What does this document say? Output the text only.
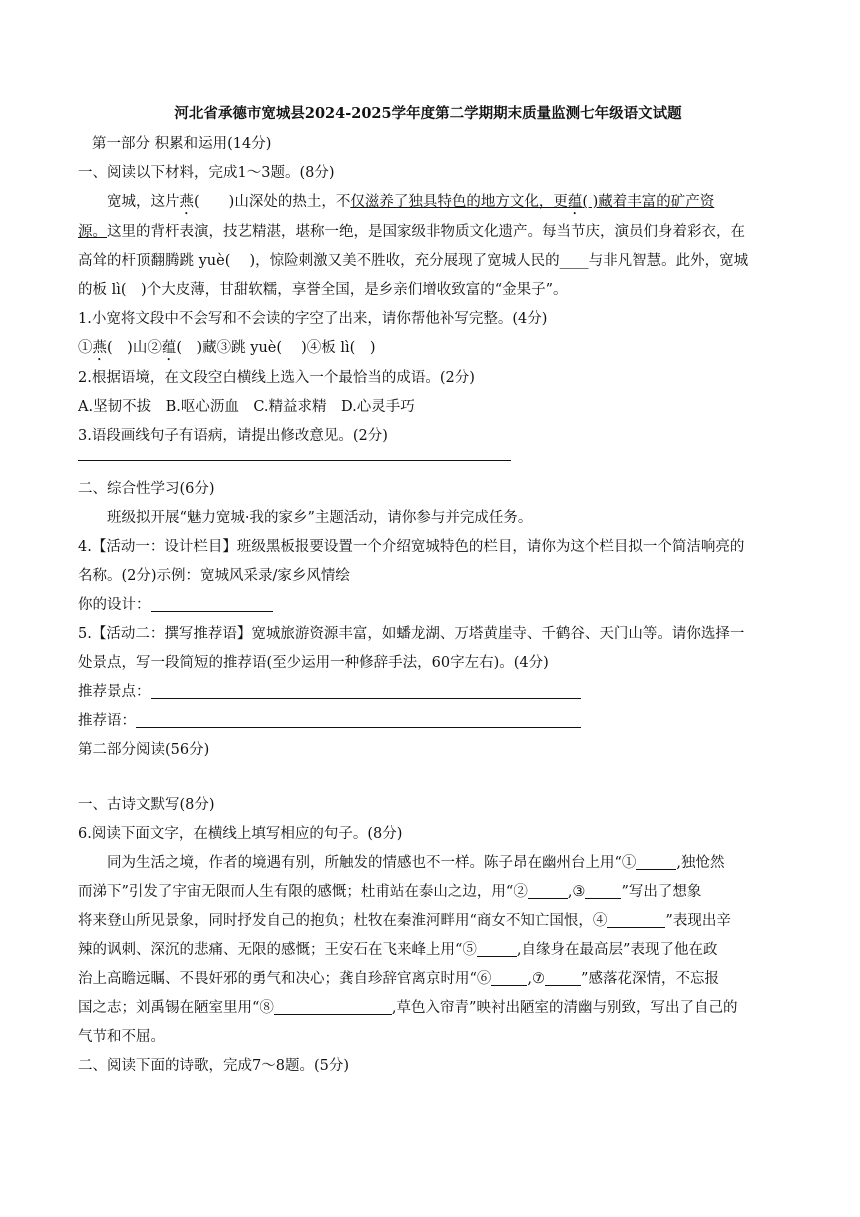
河北省承德市宽城县2024-2025学年度第二学期期末质量监测七年级语文试题

第一部分 积累和运用(14分)

一、阅读以下材料，完成1～3题。(8分)

宽城，这片燕(　　)山深处的热土，不仅滋养了独具特色的地方文化，更蕴( )藏着丰富的矿产资

源。这里的背杆表演，技艺精湛，堪称一绝，是国家级非物质文化遗产。每当节庆，演员们身着彩衣，在

高耸的杆顶翻腾跳 yuè(　 )，惊险刺激又美不胜收，充分展现了宽城人民的____与非凡智慧。此外，宽城

的板 lì(　)个大皮薄，甘甜软糯，享誉全国，是乡亲们增收致富的“金果子”。

1.小宽将文段中不会写和不会读的字空了出来，请你帮他补写完整。(4分)

①燕(　)山②蕴(　)藏③跳 yuè(　 )④板 lì(　)

2.根据语境，在文段空白横线上选入一个最恰当的成语。(2分)

A.坚韧不拔　B.呕心沥血　C.精益求精　D.心灵手巧

3.语段画线句子有语病，请提出修改意见。(2分)

二、综合性学习(6分)

班级拟开展“魅力宽城·我的家乡”主题活动，请你参与并完成任务。

4.【活动一：设计栏目】班级黑板报要设置一个介绍宽城特色的栏目，请你为这个栏目拟一个简洁响亮的

名称。(2分)示例：宽城风采录/家乡风情绘

你的设计：

5.【活动二：撰写推荐语】宽城旅游资源丰富，如蟠龙湖、万塔黄崖寺、千鹤谷、天门山等。请你选择一

处景点，写一段简短的推荐语(至少运用一种修辞手法，60字左右)。(4分)

推荐景点：

推荐语：

第二部分阅读(56分)

一、古诗文默写(8分)

6.阅读下面文字，在横线上填写相应的句子。(8分)

同为生活之境，作者的境遇有别，所触发的情感也不一样。陈子昂在幽州台上用“①	,独怆然

而涕下”引发了宇宙无限而人生有限的感慨；杜甫站在泰山之边，用“②	,③ ”写出了想象

将来登山所见景象，同时抒发自己的抱负；杜牧在秦淮河畔用“商女不知亡国恨，④	”表现出辛

辣的讽刺、深沉的悲痛、无限的感慨；王安石在飞来峰上用“⑤	,自缘身在最高层”表现了他在政

治上高瞻远瞩、不畏奸邪的勇气和决心；龚自珍辞官离京时用“⑥ ,⑦ ”感落花深情，不忘报

国之志；刘禹锡在陋室里用“⑧	,草色入帘青”映衬出陋室的清幽与别致，写出了自己的

气节和不屈。

二、阅读下面的诗歌，完成7～8题。(5分)
